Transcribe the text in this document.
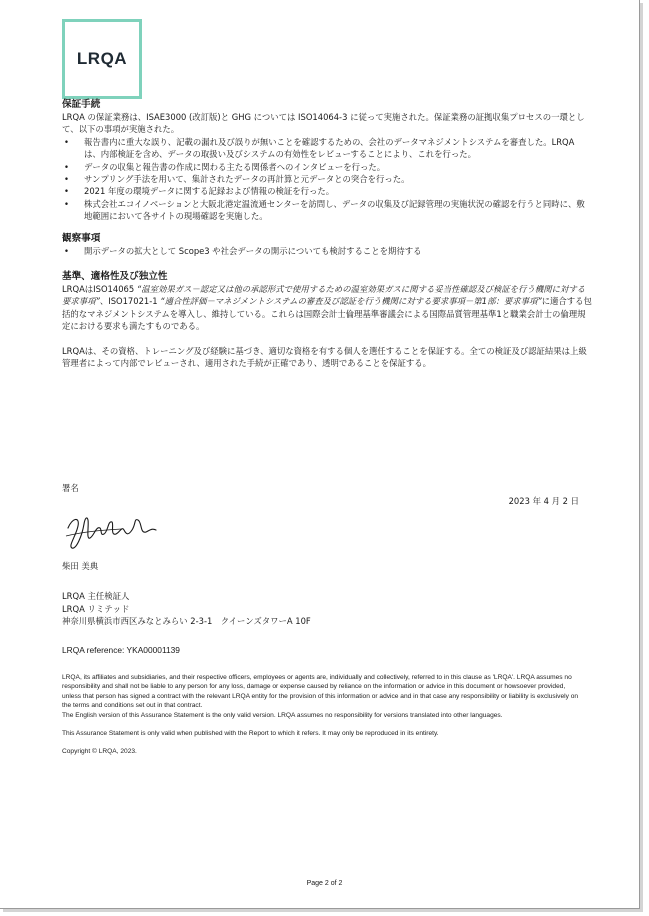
LRQA
保証手続

LRQA の保証業務は、ISAE3000 (改訂版)と GHG については ISO14064-3 に従って実施された。保証業務の証拠収集プロセスの一環として、以下の事項が実施された。

• 報告書内に重大な誤り、記載の漏れ及び誤りが無いことを確認するための、会社のデータマネジメントシステムを審査した。LRQA は、内部検証を含め、データの取扱い及びシステムの有効性をレビューすることにより、これを行った。
• データの収集と報告書の作成に関わる主たる関係者へのインタビューを行った。
• サンプリング手法を用いて、集計されたデータの再計算と元データとの突合を行った。
• 2021 年度の環境データに関する記録および情報の検証を行った。
• 株式会社エコイノベーションと大阪北港定温流通センターを訪問し、データの収集及び記録管理の実施状況の確認を行うと同時に、敷地範囲において各サイトの現場確認を実施した。
観察事項
• 開示データの拡大として Scope3 や社会データの開示についても検討することを期待する
基準、適格性及び独立性

LRQAはISO14065 “温室効果ガス－認定又は他の承認形式で使用するための温室効果ガスに関する妥当性確認及び検証を行う機関に対する要求事項”、ISO17021-1 “適合性評価－マネジメントシステムの審査及び認証を行う機関に対する要求事項－第1部：要求事項”に適合する包括的なマネジメントシステムを導入し、維持している。これらは国際会計士倫理基準審議会による国際品質管理基準1と職業会計士の倫理規定における要求も満たすものである。

LRQAは、その資格、トレーニング及び経験に基づき、適切な資格を有する個人を選任することを保証する。全ての検証及び認証結果は上級管理者によって内部でレビューされ、適用された手続が正確であり、透明であることを保証する。

署名
2023 年 4 月 2 日
柴田 美典
LRQA 主任検証人
LRQA リミテッド
神奈川県横浜市西区みなとみらい 2-3-1　クイーンズタワーA 10F
LRQA reference: YKA00001139

LRQA, its affiliates and subsidiaries, and their respective officers, employees or agents are, individually and collectively, referred to in this clause as 'LRQA'. LRQA assumes no responsibility and shall not be liable to any person for any loss, damage or expense caused by reliance on the information or advice in this document or howsoever provided, unless that person has signed a contract with the relevant LRQA entity for the provision of this information or advice and in that case any responsibility or liability is exclusively on the terms and conditions set out in that contract.

The English version of this Assurance Statement is the only valid version. LRQA assumes no responsibility for versions translated into other languages.

This Assurance Statement is only valid when published with the Report to which it refers. It may only be reproduced in its entirety.

Copyright © LRQA, 2023.

Page 2 of 2
